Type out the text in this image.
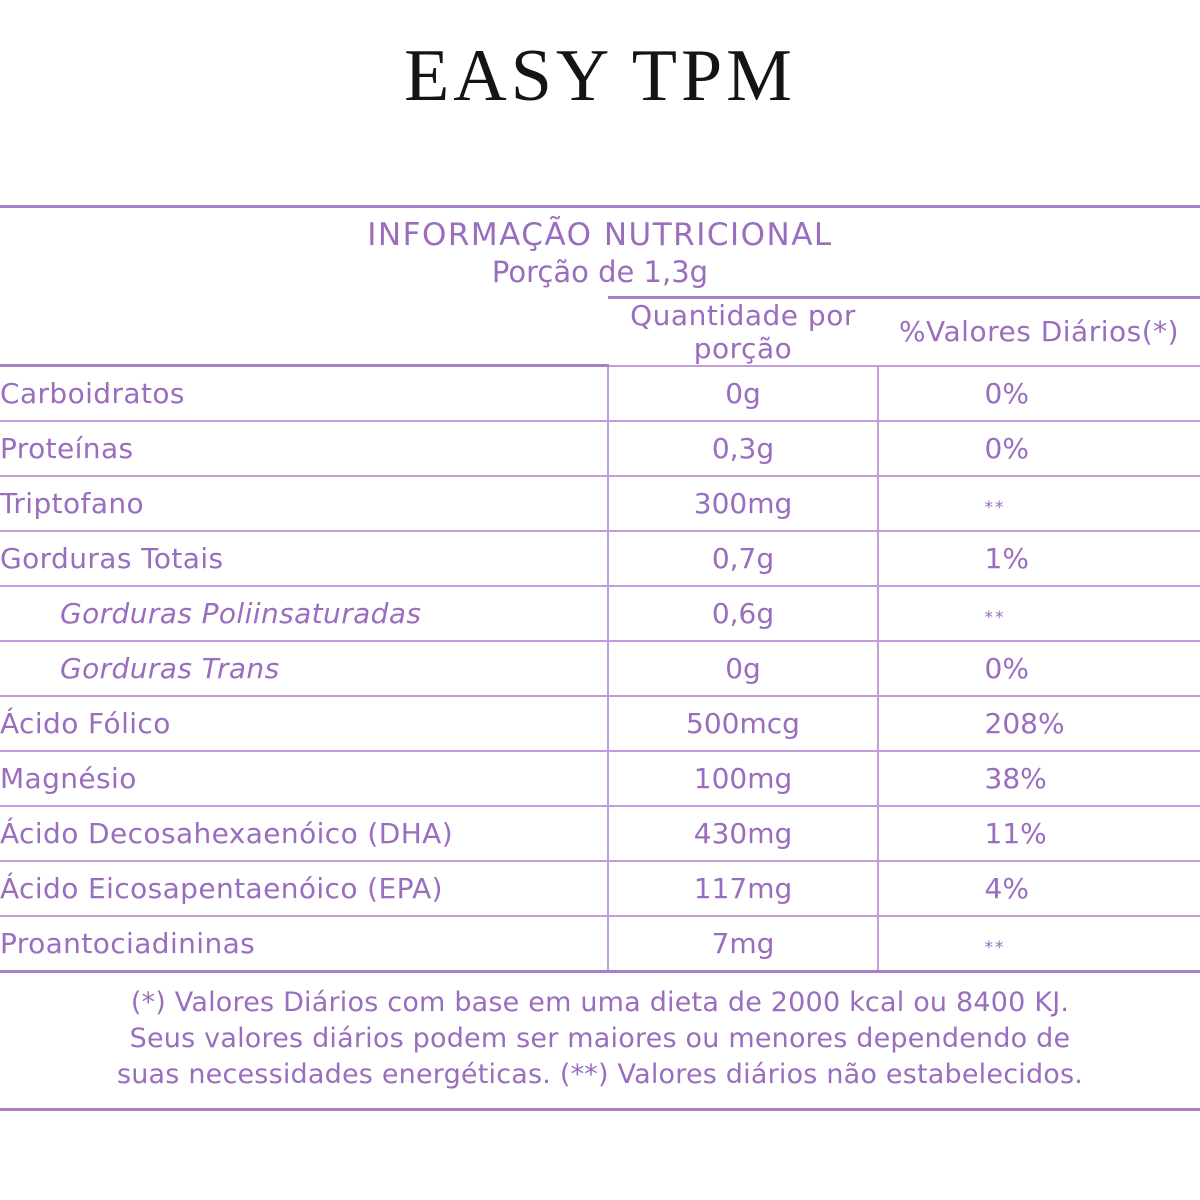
EASY TPM
INFORMAÇÃO NUTRICIONAL
Porção de 1,3g
	Quantidade por porção	%Valores Diários(*)
Carboidratos	0g	0%
Proteínas	0,3g	0%
Triptofano	300mg	**
Gorduras Totais	0,7g	1%
Gorduras Poliinsaturadas	0,6g	**
Gorduras Trans	0g	0%
Ácido Fólico	500mcg	208%
Magnésio	100mg	38%
Ácido Decosahexaenóico (DHA)	430mg	11%
Ácido Eicosapentaenóico (EPA)	117mg	4%
Proantociadininas	7mg	**
(*) Valores Diários com base em uma dieta de 2000 kcal ou 8400 KJ.
Seus valores diários podem ser maiores ou menores dependendo de
suas necessidades energéticas. (**) Valores diários não estabelecidos.
